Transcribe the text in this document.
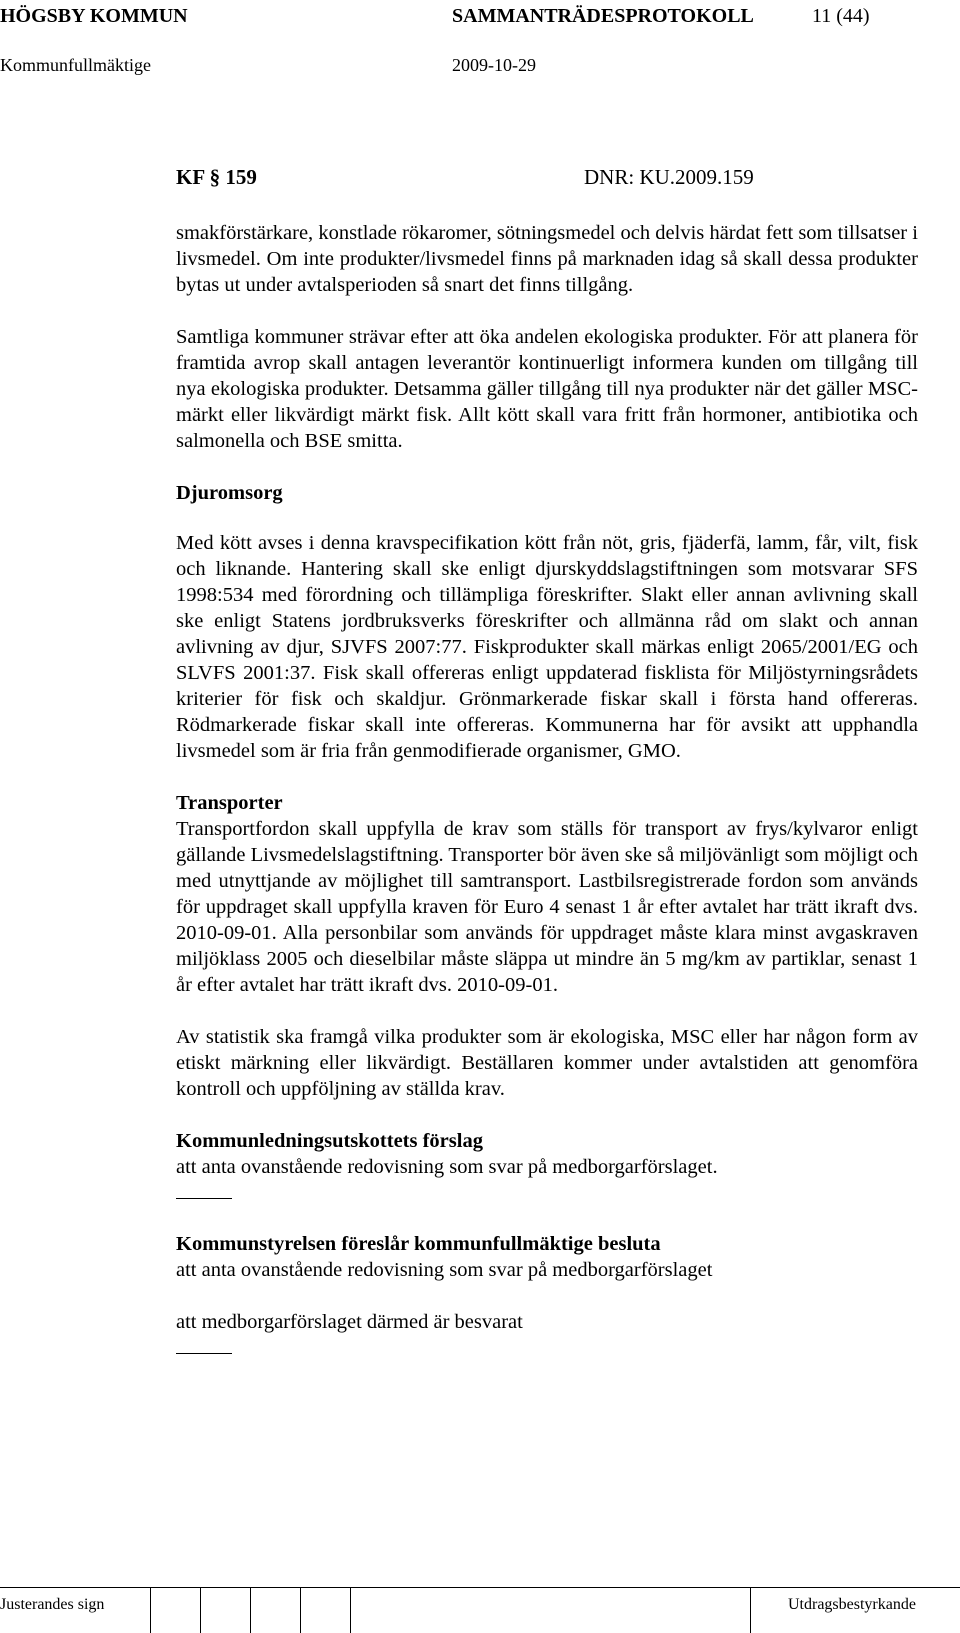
HÖGSBY KOMMUN	SAMMANTRÄDESPROTOKOLL	11 (44)
Kommunfullmäktige	2009-10-29
KF § 159	DNR: KU.2009.159

smakförstärkare, konstlade rökaromer, sötningsmedel och delvis härdat fett som tillsatser i livsmedel. Om inte produkter/livsmedel finns på marknaden idag så skall dessa produkter bytas ut under avtalsperioden så snart det finns tillgång.

Samtliga kommuner strävar efter att öka andelen ekologiska produkter. För att planera för framtida avrop skall antagen leverantör kontinuerligt informera kunden om tillgång till nya ekologiska produkter. Detsamma gäller tillgång till nya produkter när det gäller MSC-märkt eller likvärdigt märkt fisk. Allt kött skall vara fritt från hormoner, antibiotika och salmonella och BSE smitta.

Djuromsorg

Med kött avses i denna kravspecifikation kött från nöt, gris, fjäderfä, lamm, får, vilt, fisk och liknande. Hantering skall ske enligt djurskyddslagstiftningen som motsvarar SFS 1998:534 med förordning och tillämpliga föreskrifter. Slakt eller annan avlivning skall ske enligt Statens jordbruksverks föreskrifter och allmänna råd om slakt och annan avlivning av djur, SJVFS 2007:77. Fiskprodukter skall märkas enligt 2065/2001/EG och SLVFS 2001:37. Fisk skall offereras enligt uppdaterad fisklista för Miljöstyrningsrådets kriterier för fisk och skaldjur. Grönmarkerade fiskar skall i första hand offereras. Rödmarkerade fiskar skall inte offereras. Kommunerna har för avsikt att upphandla livsmedel som är fria från genmodifierade organismer, GMO.

Transporter

Transportfordon skall uppfylla de krav som ställs för transport av frys/kylvaror enligt gällande Livsmedelslagstiftning. Transporter bör även ske så miljövänligt som möjligt och med utnyttjande av möjlighet till samtransport. Lastbilsregistrerade fordon som används för uppdraget skall uppfylla kraven för Euro 4 senast 1 år efter avtalet har trätt ikraft dvs. 2010-09-01. Alla personbilar som används för uppdraget måste klara minst avgaskraven miljöklass 2005 och dieselbilar måste släppa ut mindre än 5 mg/km av partiklar, senast 1 år efter avtalet har trätt ikraft dvs. 2010-09-01.

Av statistik ska framgå vilka produkter som är ekologiska, MSC eller har någon form av etiskt märkning eller likvärdigt. Beställaren kommer under avtalstiden att genomföra kontroll och uppföljning av ställda krav.

Kommunledningsutskottets förslag

att anta ovanstående redovisning som svar på medborgarförslaget.

Kommunstyrelsen föreslår kommunfullmäktige besluta

att anta ovanstående redovisning som svar på medborgarförslaget

att medborgarförslaget därmed är besvarat

Justerandes sign	Utdragsbestyrkande
